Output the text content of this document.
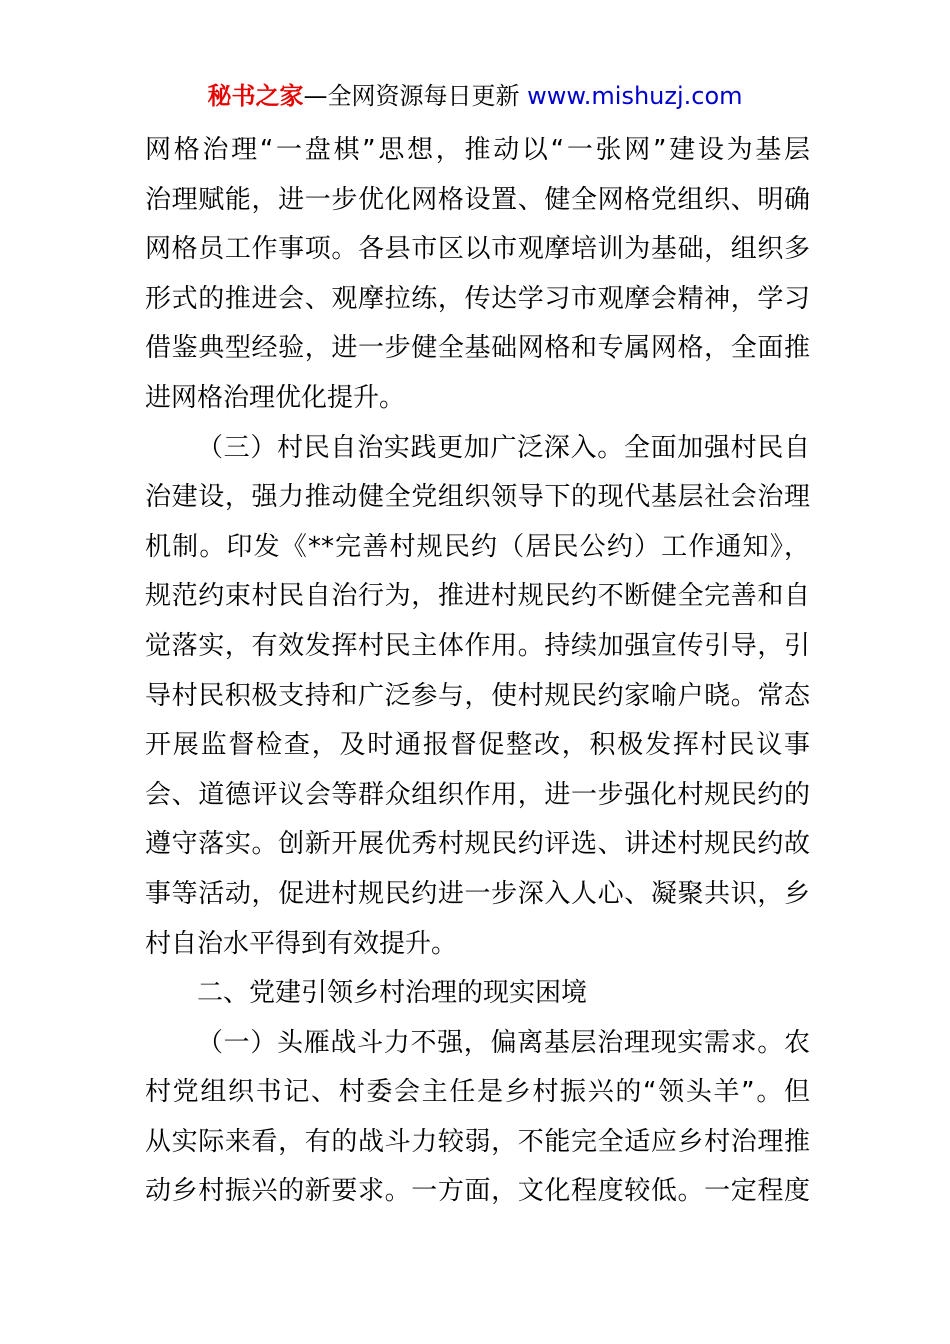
秘书之家—全网资源每日更新 www.mishuzj.com
网格治理“一盘棋”思想，推动以“一张网”建设为基层
治理赋能，进一步优化网格设置、健全网格党组织、明确
网格员工作事项。各县市区以市观摩培训为基础，组织多
形式的推进会、观摩拉练，传达学习市观摩会精神，学习
借鉴典型经验，进一步健全基础网格和专属网格，全面推
进网格治理优化提升。
（三）村民自治实践更加广泛深入。全面加强村民自
治建设，强力推动健全党组织领导下的现代基层社会治理
机制。印发《**完善村规民约（居民公约）工作通知》，
规范约束村民自治行为，推进村规民约不断健全完善和自
觉落实，有效发挥村民主体作用。持续加强宣传引导，引
导村民积极支持和广泛参与，使村规民约家喻户晓。常态
开展监督检查，及时通报督促整改，积极发挥村民议事
会、道德评议会等群众组织作用，进一步强化村规民约的
遵守落实。创新开展优秀村规民约评选、讲述村规民约故
事等活动，促进村规民约进一步深入人心、凝聚共识，乡
村自治水平得到有效提升。
二、党建引领乡村治理的现实困境
（一）头雁战斗力不强，偏离基层治理现实需求。农
村党组织书记、村委会主任是乡村振兴的“领头羊”。但
从实际来看，有的战斗力较弱，不能完全适应乡村治理推
动乡村振兴的新要求。一方面，文化程度较低。一定程度
